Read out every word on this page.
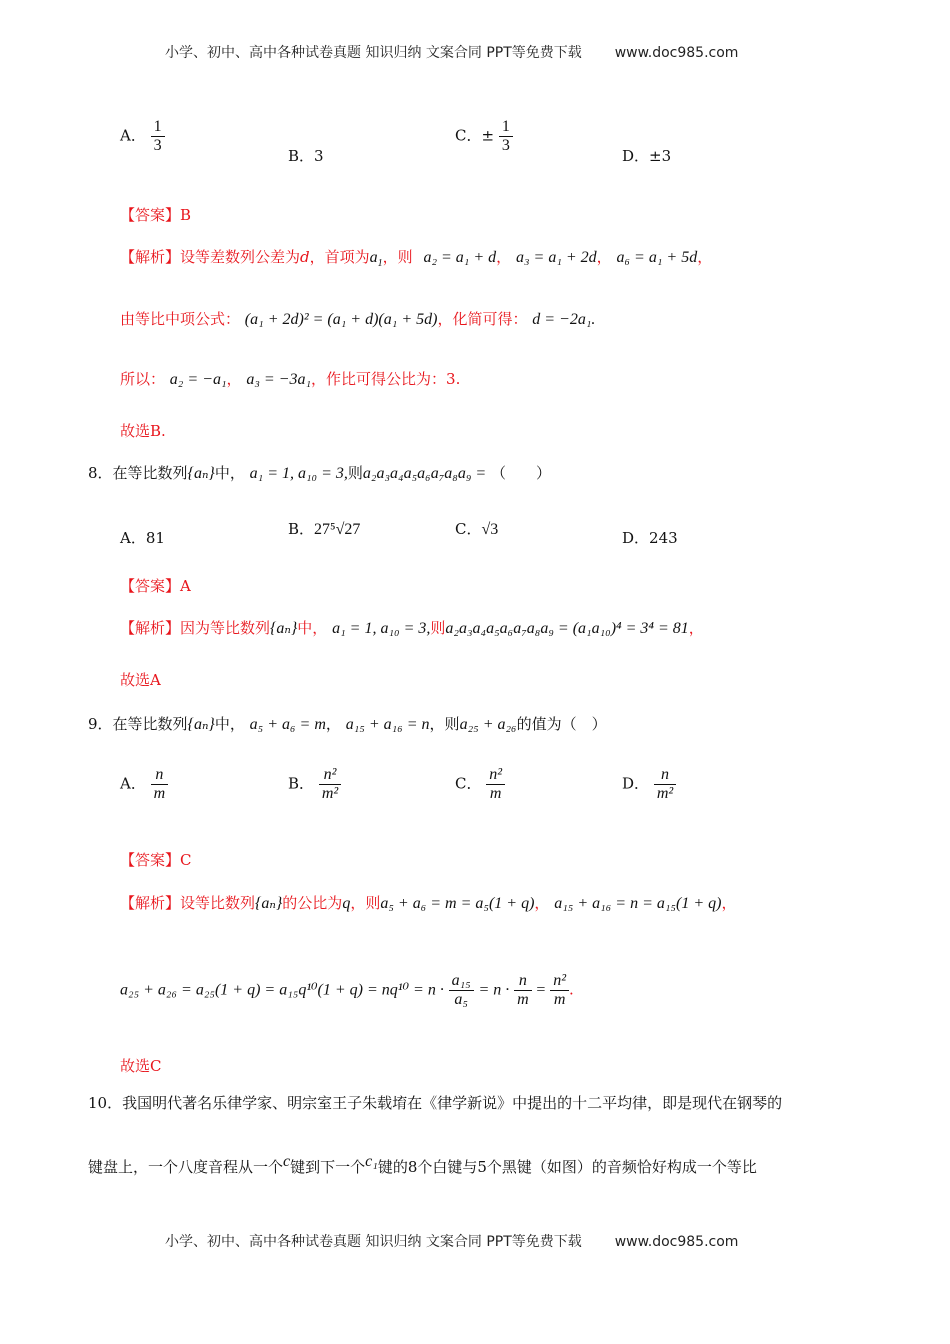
小学、初中、高中各种试卷真题 知识归纳 文案合同 PPT等免费下载 www.doc985.com
A． $\frac{1}{3}$
B．3
C．± $\frac{1}{3}$
D．±3
【答案】B
【解析】设等差数列公差为d，首项为$a_1$，则 a₂ = a₁ + d， a₃ = a₁ + 2d， a₆ = a₁ + 5d，
由等比中项公式： (a₁ + 2d)² = (a₁ + d)(a₁ + 5d)，化简可得： d = −2a₁.
所以： a₂ = −a₁， a₃ = −3a₁，作比可得公比为：3.
故选B.
8．在等比数列{aₙ}中， a₁ = 1, a₁₀ = 3,则a₂a₃a₄a₅a₆a₇a₈a₉ = （　　）
A．81	B．27⁵√27	C．√3	D．243
【答案】A
【解析】因为等比数列{aₙ}中， a₁ = 1, a₁₀ = 3,则a₂a₃a₄a₅a₆a₇a₈a₉ = (a₁a₁₀)⁴ = 3⁴ = 81，
故选A
9．在等比数列{aₙ}中， a₅ + a₆ = m， a₁₅ + a₁₆ = n，则a₂₅ + a₂₆的值为（　）
A． $\frac{n}{m}$	B． $\frac{\text{n²}}{\text{m²}}$	C． $\frac{\text{n²}}{m}$	D． $\frac{n}{\text{m²}}$
【答案】C
【解析】设等比数列{aₙ}的公比为q，则a₅ + a₆ = m = a₅(1 + q)， a₁₅ + a₁₆ = n = a₁₅(1 + q)，
$a_{25} + a_{26} = a_{25}(1 + q) = a_{15}q^{10}(1 + q) = nq^{10} = n \cdot \frac{\text{a₁₅}}{\text{a₅}} = n \cdot \frac{n}{m} = \frac{\text{n²}}{m}$ .
故选C
10．我国明代著名乐律学家、明宗室王子朱载堉在《律学新说》中提出的十二平均律，即是现代在钢琴的
键盘上，一个八度音程从一个c键到下一个c₁键的8个白键与5个黑键（如图）的音频恰好构成一个等比
小学、初中、高中各种试卷真题 知识归纳 文案合同 PPT等免费下载 www.doc985.com
